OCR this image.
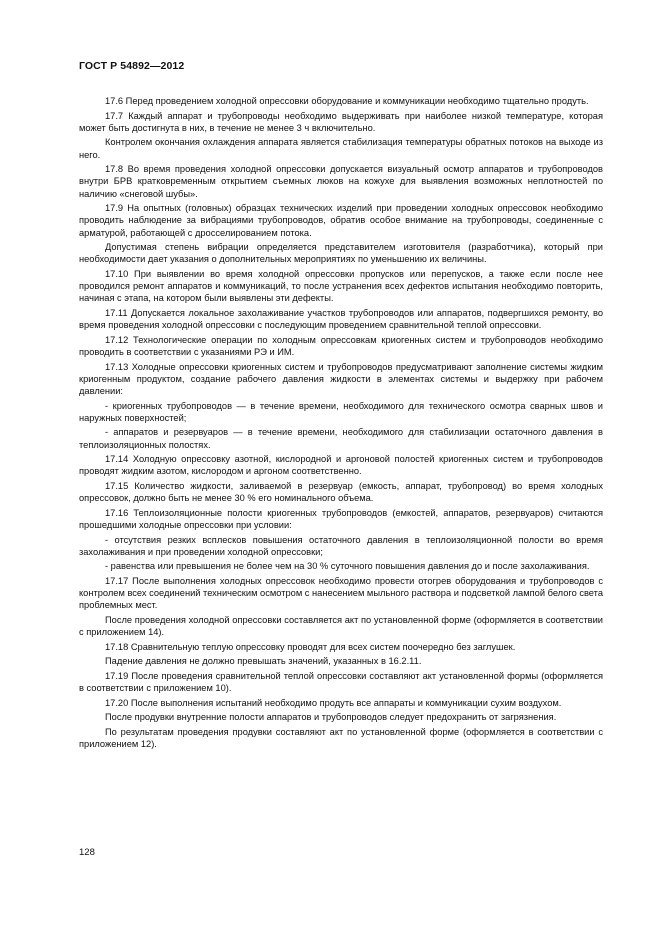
ГОСТ Р 54892—2012

17.6 Перед проведением холодной опрессовки оборудование и коммуникации необходимо тщательно продуть.

17.7 Каждый аппарат и трубопроводы необходимо выдерживать при наиболее низкой температуре, которая может быть достигнута в них, в течение не менее 3 ч включительно.

Контролем окончания охлаждения аппарата является стабилизация температуры обратных потоков на выходе из него.

17.8 Во время проведения холодной опрессовки допускается визуальный осмотр аппаратов и трубопроводов внутри БРВ кратковременным открытием съемных люков на кожухе для выявления возможных неплотностей по наличию «снеговой шубы».

17.9 На опытных (головных) образцах технических изделий при проведении холодных опрессовок необходимо проводить наблюдение за вибрациями трубопроводов, обратив особое внимание на трубопроводы, соединенные с арматурой, работающей с дросселированием потока.

Допустимая степень вибрации определяется представителем изготовителя (разработчика), который при необходимости дает указания о дополнительных мероприятиях по уменьшению их величины.

17.10 При выявлении во время холодной опрессовки пропусков или перепусков, а также если после нее проводился ремонт аппаратов и коммуникаций, то после устранения всех дефектов испытания необходимо повторить, начиная с этапа, на котором были выявлены эти дефекты.

17.11 Допускается локальное захолаживание участков трубопроводов или аппаратов, подвергшихся ремонту, во время проведения холодной опрессовки с последующим проведением сравнительной теплой опрессовки.

17.12 Технологические операции по холодным опрессовкам криогенных систем и трубопроводов необходимо проводить в соответствии с указаниями РЭ и ИМ.

17.13 Холодные опрессовки криогенных систем и трубопроводов предусматривают заполнение системы жидким криогенным продуктом, создание рабочего давления жидкости в элементах системы и выдержку при рабочем давлении:

- криогенных трубопроводов — в течение времени, необходимого для технического осмотра сварных швов и наружных поверхностей;

- аппаратов и резервуаров — в течение времени, необходимого для стабилизации остаточного давления в теплоизоляционных полостях.

17.14 Холодную опрессовку азотной, кислородной и аргоновой полостей криогенных систем и трубопроводов проводят жидким азотом, кислородом и аргоном соответственно.

17.15 Количество жидкости, заливаемой в резервуар (емкость, аппарат, трубопровод) во время холодных опрессовок, должно быть не менее 30 % его номинального объема.

17.16 Теплоизоляционные полости криогенных трубопроводов (емкостей, аппаратов, резервуаров) считаются прошедшими холодные опрессовки при условии:

- отсутствия резких всплесков повышения остаточного давления в теплоизоляционной полости во время захолаживания и при проведении холодной опрессовки;

- равенства или превышения не более чем на 30 % суточного повышения давления до и после захолаживания.

17.17 После выполнения холодных опрессовок необходимо провести отогрев оборудования и трубопроводов с контролем всех соединений техническим осмотром с нанесением мыльного раствора и подсветкой лампой белого света проблемных мест.

После проведения холодной опрессовки составляется акт по установленной форме (оформляется в соответствии с приложением 14).

17.18 Сравнительную теплую опрессовку проводят для всех систем поочередно без заглушек.

Падение давления не должно превышать значений, указанных в 16.2.11.

17.19 После проведения сравнительной теплой опрессовки составляют акт установленной формы (оформляется в соответствии с приложением 10).

17.20 После выполнения испытаний необходимо продуть все аппараты и коммуникации сухим воздухом.

После продувки внутренние полости аппаратов и трубопроводов следует предохранить от загрязнения.

По результатам проведения продувки составляют акт по установленной форме (оформляется в соответствии с приложением 12).

128
